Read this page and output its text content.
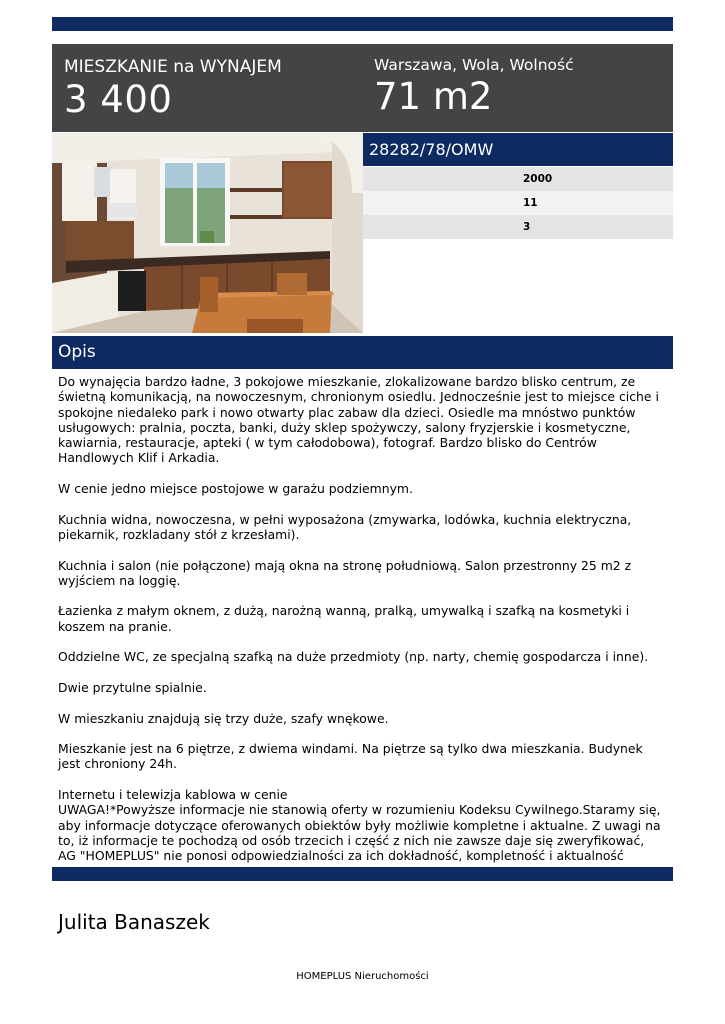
MIESZKANIE na WYNAJEM
3 400
Warszawa, Wola, Wolność
71 m2
28282/78/OMW
2000
11
3
Opis

Do wynajęcia bardzo ładne, 3 pokojowe mieszkanie, zlokalizowane bardzo blisko centrum, ze świetną komunikacją, na nowoczesnym, chronionym osiedlu. Jednocześnie jest to miejsce ciche i spokojne niedaleko park i nowo otwarty plac zabaw dla dzieci. Osiedle ma mnóstwo punktów usługowych: pralnia, poczta, banki, duży sklep spożywczy, salony fryzjerskie i kosmetyczne, kawiarnia, restauracje, apteki ( w tym całodobowa), fotograf. Bardzo blisko do Centrów Handlowych Klif i Arkadia.

W cenie jedno miejsce postojowe w garażu podziemnym.

Kuchnia widna, nowoczesna, w pełni wyposażona (zmywarka, lodówka, kuchnia elektryczna, piekarnik, rozkladany stół z krzesłami).

Kuchnia i salon (nie połączone) mają okna na stronę południową. Salon przestronny 25 m2 z wyjściem na loggię.

Łazienka z małym oknem, z dużą, narożną wanną, pralką, umywalką i szafką na kosmetyki i koszem na pranie.

Oddzielne WC, ze specjalną szafką na duże przedmioty (np. narty, chemię gospodarcza i inne).

Dwie przytulne spialnie.

W mieszkaniu znajdują się trzy duże, szafy wnękowe.

Mieszkanie jest na 6 piętrze, z dwiema windami. Na piętrze są tylko dwa mieszkania. Budynek jest chroniony 24h.

Internetu i telewizja kablowa w cenie

UWAGA!*Powyższe informacje nie stanowią oferty w rozumieniu Kodeksu Cywilnego.Staramy się, aby informacje dotyczące oferowanych obiektów były możliwie kompletne i aktualne. Z uwagi na to, iż informacje te pochodzą od osób trzecich i część z nich nie zawsze daje się zweryfikować, AG "HOMEPLUS" nie ponosi odpowiedzialności za ich dokładność, kompletność i aktualność

Julita Banaszek
HOMEPLUS Nieruchomości
